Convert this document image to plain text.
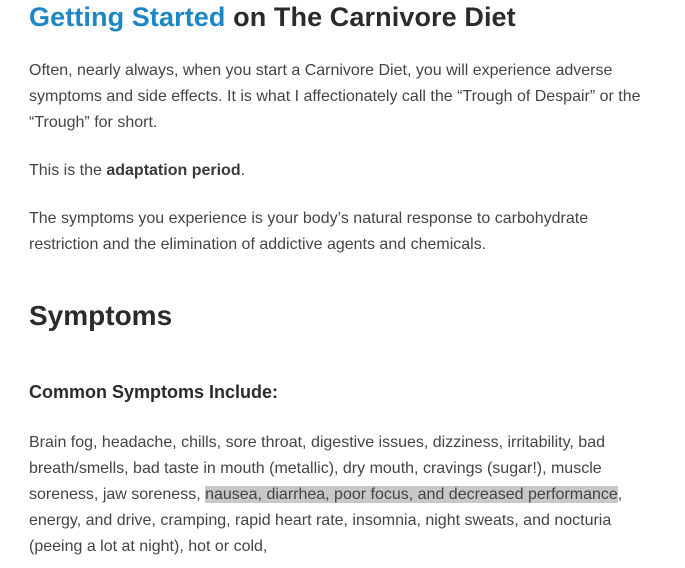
Getting Started on The Carnivore Diet

Often, nearly always, when you start a Carnivore Diet, you will experience adverse symptoms and side effects. It is what I affectionately call the “Trough of Despair” or the “Trough” for short.

This is the adaptation period.

The symptoms you experience is your body’s natural response to carbohydrate restriction and the elimination of addictive agents and chemicals.

Symptoms
Common Symptoms Include:

Brain fog, headache, chills, sore throat, digestive issues, dizziness, irritability, bad breath/smells, bad taste in mouth (metallic), dry mouth, cravings (sugar!), muscle soreness, jaw soreness, nausea, diarrhea, poor focus, and decreased performance, energy, and drive, cramping, rapid heart rate, insomnia, night sweats, and nocturia (peeing a lot at night), hot or cold,
